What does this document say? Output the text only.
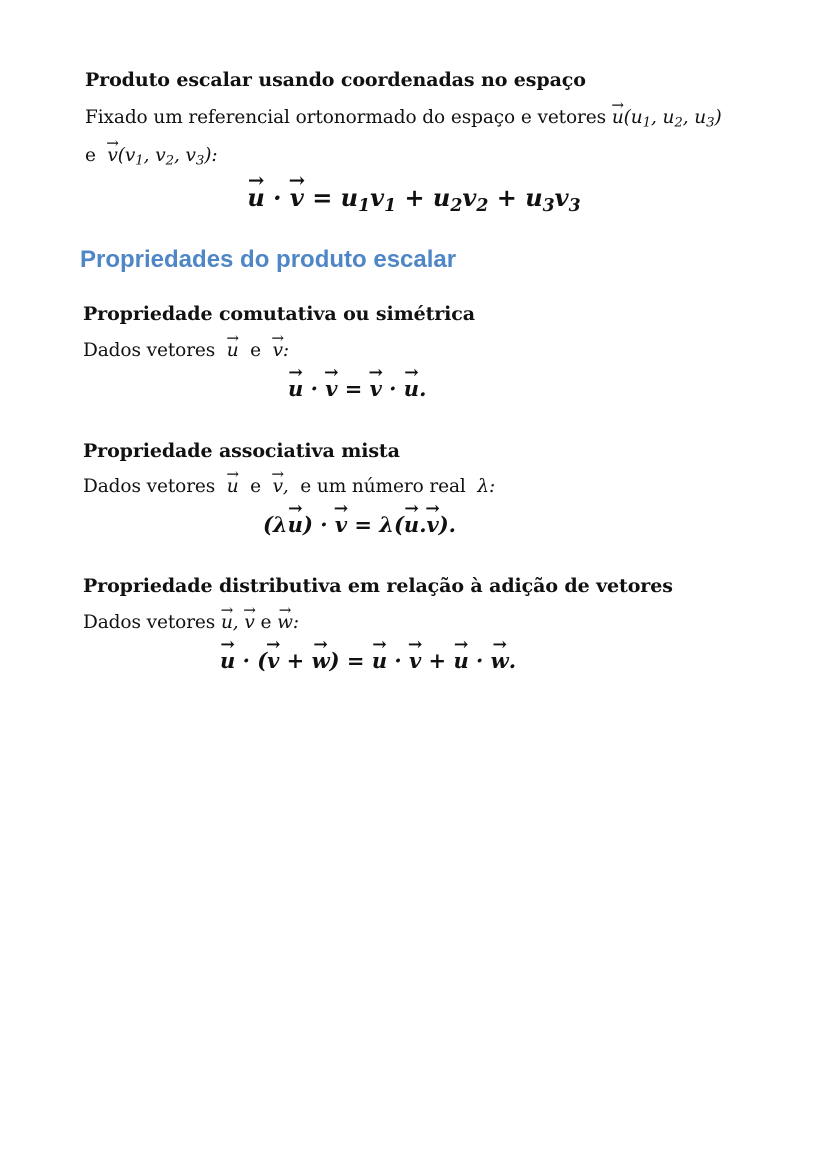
Produto escalar usando coordenadas no espaço
Fixado um referencial ortonormado do espaço e vetores → $u(u_1$, $u_2$, $u_3$)
$e \to v(v_1$, $v_2$, $v_3$):
→ u · → $v = u_1v_1 + u_2v_2 + u_3v_3$
Propriedades do produto escalar
Propriedade comutativa ou simétrica
Dados vetores → u e → v:
→ u · → v = → v · → u.
Propriedade associativa mista
Dados vetores → u e → v, e um número real λ:
(λ→ u) · → v = λ(→ u.→ v).
Propriedade distributiva em relação à adição de vetores
Dados vetores → u, → v e → w:
→ u · (→ v + → w) = → u · → v + → u · → w.
